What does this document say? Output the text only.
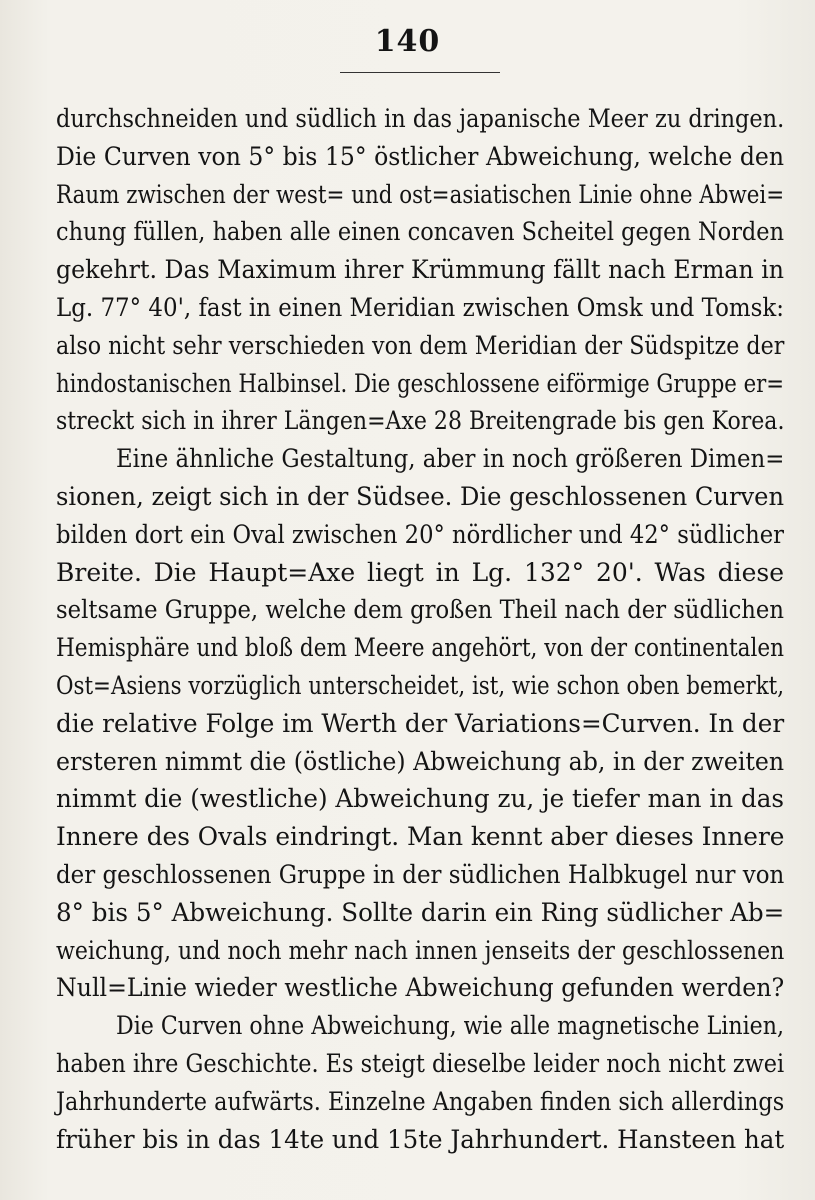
140
durchschneiden und südlich in das japanische Meer zu dringen.
Die Curven von 5° bis 15° östlicher Abweichung, welche den
Raum zwischen der west= und ost=asiatischen Linie ohne Abwei=
chung füllen, haben alle einen concaven Scheitel gegen Norden
gekehrt. Das Maximum ihrer Krümmung fällt nach Erman in
Lg. 77° 40', fast in einen Meridian zwischen Omsk und Tomsk:
also nicht sehr verschieden von dem Meridian der Südspitze der
hindostanischen Halbinsel. Die geschlossene eiförmige Gruppe er=
streckt sich in ihrer Längen=Axe 28 Breitengrade bis gen Korea.
Eine ähnliche Gestaltung, aber in noch größeren Dimen=
sionen, zeigt sich in der Südsee. Die geschlossenen Curven
bilden dort ein Oval zwischen 20° nördlicher und 42° südlicher
Breite. Die Haupt=Axe liegt in Lg. 132° 20'. Was diese
seltsame Gruppe, welche dem großen Theil nach der südlichen
Hemisphäre und bloß dem Meere angehört, von der continentalen
Ost=Asiens vorzüglich unterscheidet, ist, wie schon oben bemerkt,
die relative Folge im Werth der Variations=Curven. In der
ersteren nimmt die (östliche) Abweichung ab, in der zweiten
nimmt die (westliche) Abweichung zu, je tiefer man in das
Innere des Ovals eindringt. Man kennt aber dieses Innere
der geschlossenen Gruppe in der südlichen Halbkugel nur von
8° bis 5° Abweichung. Sollte darin ein Ring südlicher Ab=
weichung, und noch mehr nach innen jenseits der geschlossenen
Null=Linie wieder westliche Abweichung gefunden werden?
Die Curven ohne Abweichung, wie alle magnetische Linien,
haben ihre Geschichte. Es steigt dieselbe leider noch nicht zwei
Jahrhunderte aufwärts. Einzelne Angaben finden sich allerdings
früher bis in das 14te und 15te Jahrhundert. Hansteen hat
